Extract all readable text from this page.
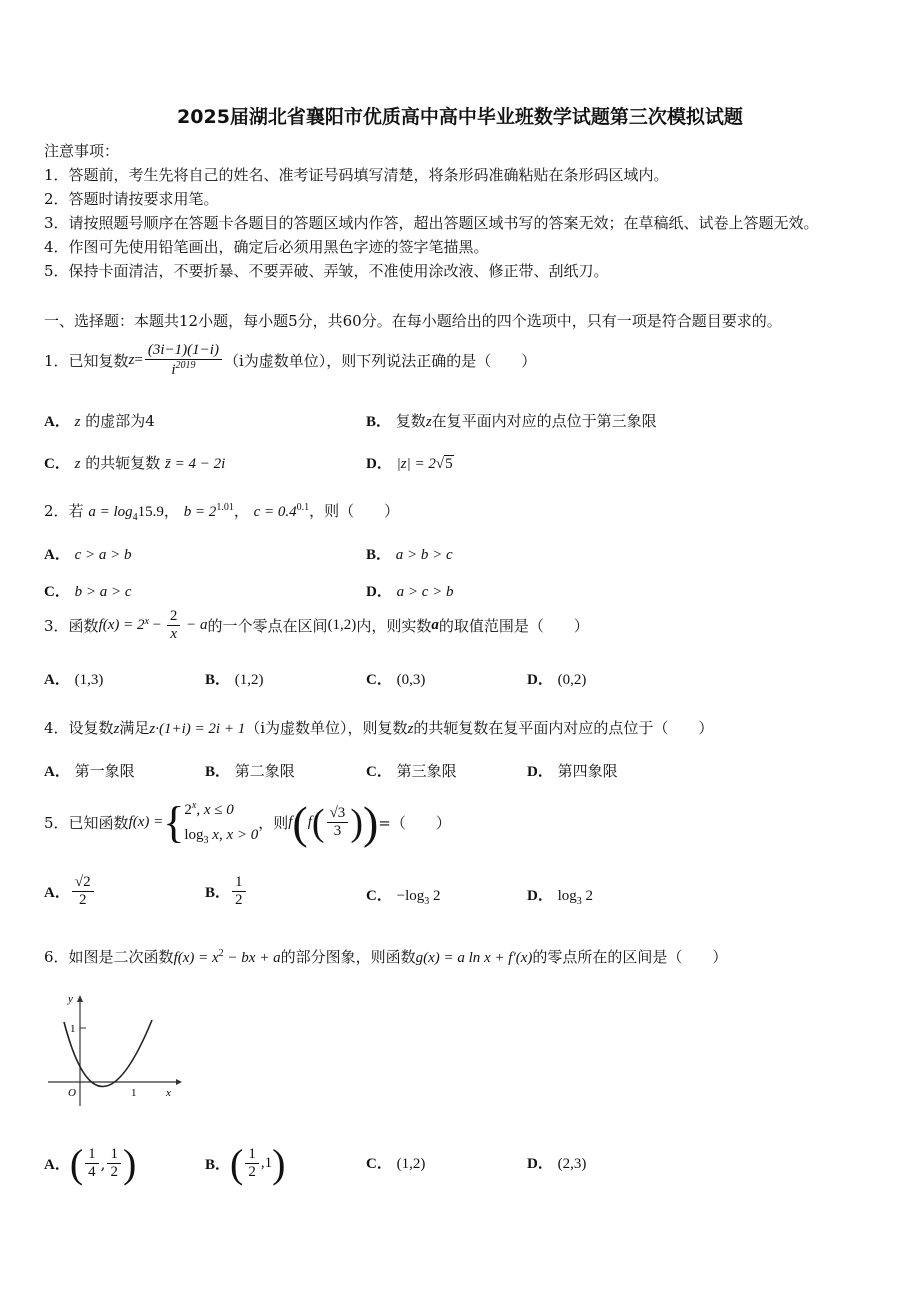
2025届湖北省襄阳市优质高中高中毕业班数学试题第三次模拟试题
注意事项：
1．答题前，考生先将自己的姓名、准考证号码填写清楚，将条形码准确粘贴在条形码区域内。
2．答题时请按要求用笔。
3．请按照题号顺序在答题卡各题目的答题区域内作答，超出答题区域书写的答案无效；在草稿纸、试卷上答题无效。
4．作图可先使用铅笔画出，确定后必须用黑色字迹的签字笔描黑。
5．保持卡面清洁，不要折暴、不要弄破、弄皱，不准使用涂改液、修正带、刮纸刀。
一、选择题：本题共12小题，每小题5分，共60分。在每小题给出的四个选项中，只有一项是符合题目要求的。
1． 已知复数 $z = \frac{(3i-1)(1-i)}{i^{2019}} (i$为虚数单位），则下列说法正确的是（　　）
A． z 的虚部为4	B． 复数z在复平面内对应的点位于第三象限
C． z 的共轭复数 z̄ = 4 − 2i	D． |z| = 2√5
2．若 $a = \log_415.9$， $b = 2^{1.01}$， $c = 0.4^{0.1}$，则（　　）
A． c > a > b	B． a > b > c
C． b > a > c	D． a > c > b
3． 函数 $f(x) = 2^x - \frac{2}{x} - a$ 的一个零点在区间 (1,2) 内，则实数 a 的取值范围是（　　）
A． (1,3)	B． (1,2)	C． (0,3)	D． (0,2)
4．设复数z满足z·(1+i) = 2i + 1（i为虚数单位），则复数z的共轭复数在复平面内对应的点位于（　　）
A． 第一象限	B． 第二象限	C． 第三象限	D． 第四象限
5． 已知函数 f(x) = { 2$^x$, x ≤ 0
$\log_3 x$, x > 0
，则 f ( f ( $\frac{√3}{3}$ ) ) =（　　）
A． $\frac{√2}{2}$	B． $\frac{1}{2}$	C． $-\log_3$ 2	D． $\log_3 2$
6．如图是二次函数$f(x) = x^2$ − bx + a的部分图象，则函数g(x) = a ln x + f′(x)的零点所在的区间是（　　）
y
x
O
1
1
A． ( $\frac{1}{4}$ , $\frac{1}{2}$ )	B． ( $\frac{1}{2} ,1$ )	C． (1,2)	D． (2,3)
